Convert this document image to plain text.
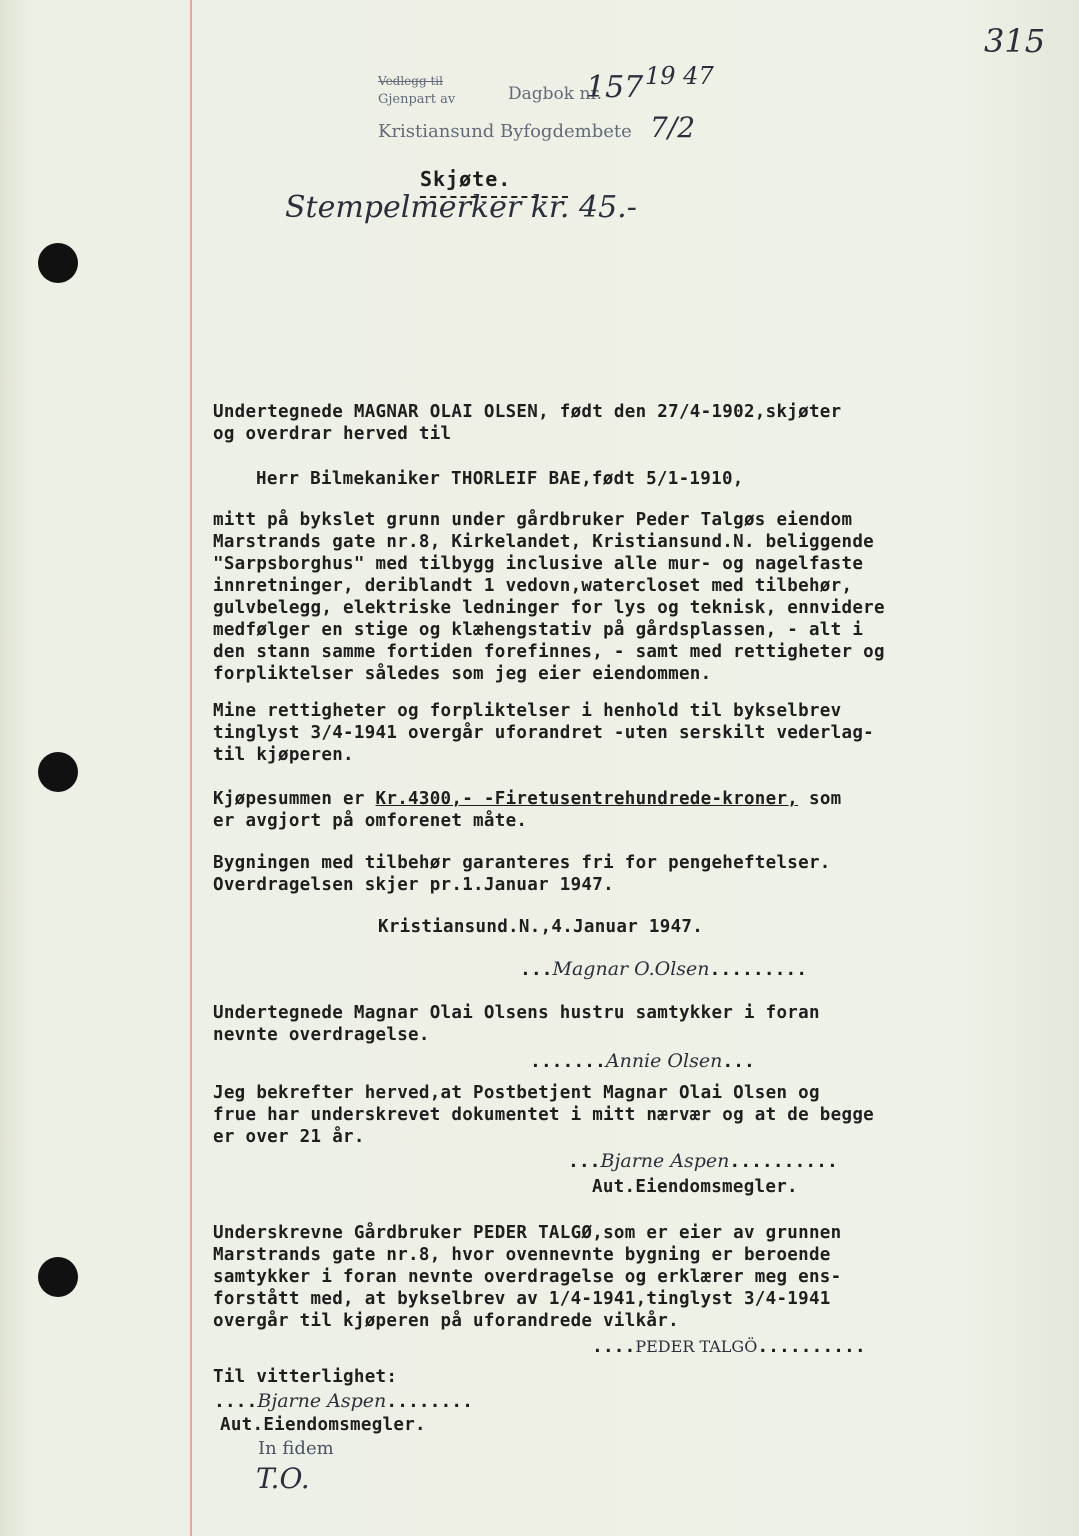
315
Vedlegg til
Gjenpart av
Kristiansund Byfogdembete
Dagbok nr.
157 19 47
7/2
Stempelmerker kr. 45.-
Skjøte.
Undertegnede MAGNAR OLAI OLSEN, født den 27/4-1902,skjøter
og overdrar herved til
Herr Bilmekaniker THORLEIF BAE,født 5/1-1910,
mitt på bykslet grunn under gårdbruker Peder Talgøs eiendom
Marstrands gate nr.8, Kirkelandet, Kristiansund.N. beliggende
"Sarpsborghus" med tilbygg inclusive alle mur- og nagelfaste
innretninger, deriblandt 1 vedovn,watercloset med tilbehør,
gulvbelegg, elektriske ledninger for lys og teknisk, ennvidere
medfølger en stige og klæhengstativ på gårdsplassen, - alt i
den stann samme fortiden forefinnes, - samt med rettigheter og
forpliktelser således som jeg eier eiendommen.
Mine rettigheter og forpliktelser i henhold til bykselbrev
tinglyst 3/4-1941 overgår uforandret -uten serskilt vederlag-
til kjøperen.
Kjøpesummen er Kr.4300,- -Firetusentrehundrede-kroner, som
er avgjort på omforenet måte.
Bygningen med tilbehør garanteres fri for pengeheftelser.
Overdragelsen skjer pr.1.Januar 1947.
Kristiansund.N.,4.Januar 1947.
...Magnar O.Olsen.........
Undertegnede Magnar Olai Olsens hustru samtykker i foran
nevnte overdragelse.
.......Annie Olsen...
Jeg bekrefter herved,at Postbetjent Magnar Olai Olsen og
frue har underskrevet dokumentet i mitt nærvær og at de begge
er over 21 år.
...Bjarne Aspen..........
Aut.Eiendomsmegler.
Underskrevne Gårdbruker PEDER TALGØ,som er eier av grunnen
Marstrands gate nr.8, hvor ovennevnte bygning er beroende
samtykker i foran nevnte overdragelse og erklærer meg ens-
forstått med, at bykselbrev av 1/4-1941,tinglyst 3/4-1941
overgår til kjøperen på uforandrede vilkår.
....PEDER TALGÖ..........
Til vitterlighet:
....Bjarne Aspen........
Aut.Eiendomsmegler.
In fidem
T.O.
